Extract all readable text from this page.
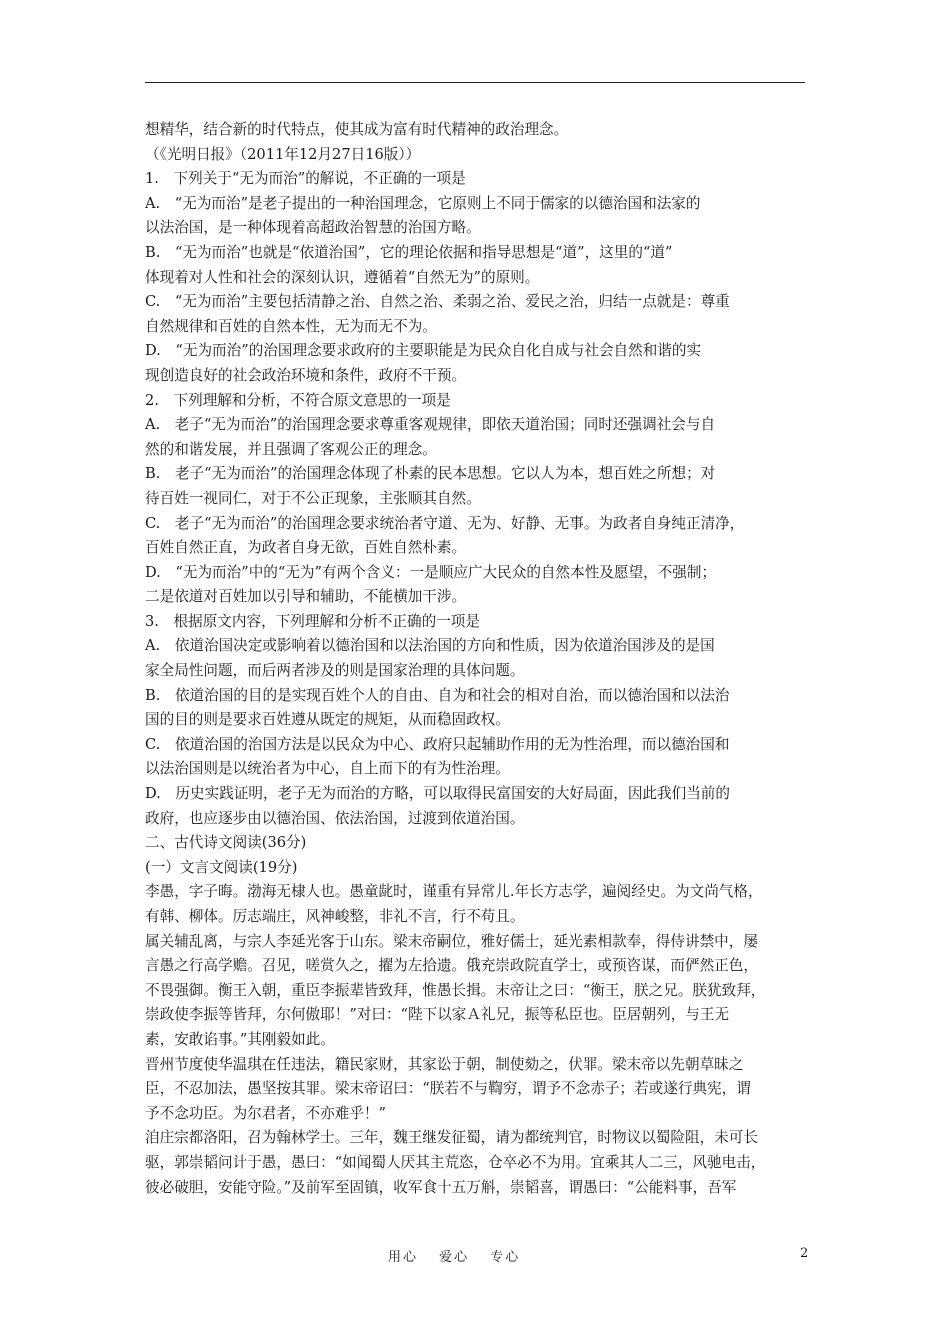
想精华，结合新的时代特点，使其成为富有时代精神的政治理念。
（《光明日报》（2011年12月27日16版））
1.　下列关于“无为而治”的解说，不正确的一项是
A.　“无为而治”是老子提出的一种治国理念，它原则上不同于儒家的以德治国和法家的
以法治国，是一种体现着高超政治智慧的治国方略。
B.　“无为而治”也就是“依道治国”，它的理论依据和指导思想是“道”，这里的“道”
体现着对人性和社会的深刻认识，遵循着“自然无为”的原则。
C.　“无为而治”主要包括清静之治、自然之治、柔弱之治、爱民之治，归结一点就是：尊重
自然规律和百姓的自然本性，无为而无不为。
D.　“无为而治”的治国理念要求政府的主要职能是为民众自化自成与社会自然和谐的实
现创造良好的社会政治环境和条件，政府不干预。
2.　下列理解和分析，不符合原文意思的一项是
A.　老子“无为而治”的治国理念要求尊重客观规律，即依天道治国；同时还强调社会与自
然的和谐发展，并且强调了客观公正的理念。
B.　老子“无为而治”的治国理念体现了朴素的民本思想。它以人为本，想百姓之所想；对
待百姓一视同仁，对于不公正现象，主张顺其自然。
C.　老子“无为而治”的治国理念要求统治者守道、无为、好静、无事。为政者自身纯正清净，
百姓自然正直，为政者自身无欲，百姓自然朴素。
D.　“无为而治”中的“无为”有两个含义：一是顺应广大民众的自然本性及愿望，不强制；
二是依道对百姓加以引导和辅助，不能横加干涉。
3.　根据原文内容，下列理解和分析不正确的一项是
A.　依道治国决定或影响着以德治国和以法治国的方向和性质，因为依道治国涉及的是国
家全局性问题，而后两者涉及的则是国家治理的具体问题。
B.　依道治国的目的是实现百姓个人的自由、自为和社会的相对自治，而以德治国和以法治
国的目的则是要求百姓遵从既定的规矩，从而稳固政权。
C.　依道治国的治国方法是以民众为中心、政府只起辅助作用的无为性治理，而以德治国和
以法治国则是以统治者为中心，自上而下的有为性治理。
D.　历史实践证明，老子无为而治的方略，可以取得民富国安的大好局面，因此我们当前的
政府，也应逐步由以德治国、依法治国，过渡到依道治国。
二、古代诗文阅读(36分)
(一）文言文阅读(19分)
李愚，字子晦。渤海无棣人也。愚童龀时，谨重有异常儿.年长方志学，遍阅经史。为文尚气格，
有韩、柳体。厉志端庄，风神峻整，非礼不言，行不苟且。
属关辅乱离，与宗人李延光客于山东。梁末帝嗣位，雅好儒士，延光素相款奉，得侍讲禁中，屡
言愚之行高学赡。召见，嗟赏久之，擢为左拾遗。俄充崇政院直学士，或预咨谋，而俨然正色，
不畏强御。衡王入朝，重臣李振辈皆致拜，惟愚长揖。末帝让之曰：“衡王，朕之兄。朕犹致拜，
崇政使李振等皆拜，尔何傲耶！”对曰：“陛下以家Ａ礼兄，振等私臣也。臣居朝列，与王无
素，安敢谄事。”其刚毅如此。
晋州节度使华温琪在任违法，籍民家财，其家讼于朝，制使劾之，伏罪。梁末帝以先朝草昧之
臣，不忍加法，愚坚按其罪。梁末帝诏曰：“朕若不与鞫穷，谓予不念赤子；若或遂行典宪，谓
予不念功臣。为尔君者，不亦难乎！”
洎庄宗都洛阳，召为翰林学士。三年，魏王继发征蜀，请为都统判官，时物议以蜀险阻，未可长
驱，郭崇韬问计于愚，愚曰：“如闻蜀人厌其主荒恣，仓卒必不为用。宜乘其人二三，风驰电击，
彼必破胆，安能守险。”及前军至固镇，收军食十五万斛，崇韬喜，谓愚曰：“公能料事，吾军
用心　 爱心　 专心	2
